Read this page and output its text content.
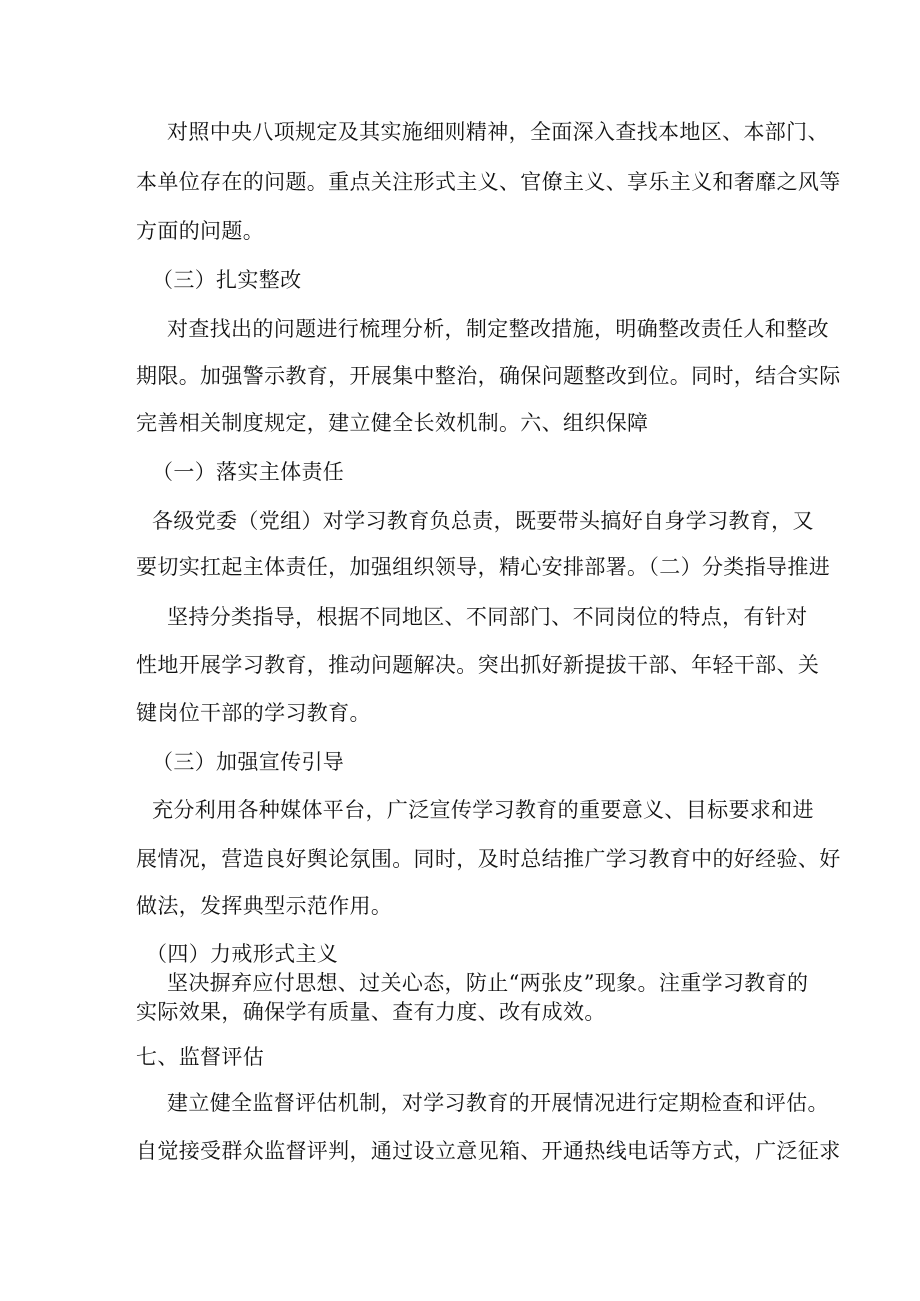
对照中央八项规定及其实施细则精神，全面深入查找本地区、本部门、
本单位存在的问题。重点关注形式主义、官僚主义、享乐主义和奢靡之风等
方面的问题。
（三）扎实整改
对查找出的问题进行梳理分析，制定整改措施，明确整改责任人和整改
期限。加强警示教育，开展集中整治，确保问题整改到位。同时，结合实际
完善相关制度规定，建立健全长效机制。六、组织保障
（一）落实主体责任
各级党委（党组）对学习教育负总责，既要带头搞好自身学习教育，又
要切实扛起主体责任，加强组织领导，精心安排部署。（二）分类指导推进
坚持分类指导，根据不同地区、不同部门、不同岗位的特点，有针对
性地开展学习教育，推动问题解决。突出抓好新提拔干部、年轻干部、关
键岗位干部的学习教育。
（三）加强宣传引导
充分利用各种媒体平台，广泛宣传学习教育的重要意义、目标要求和进
展情况，营造良好舆论氛围。同时，及时总结推广学习教育中的好经验、好
做法，发挥典型示范作用。
（四）力戒形式主义
坚决摒弃应付思想、过关心态，防止“两张皮”现象。注重学习教育的
实际效果，确保学有质量、查有力度、改有成效。
七、监督评估
建立健全监督评估机制，对学习教育的开展情况进行定期检查和评估。
自觉接受群众监督评判，通过设立意见箱、开通热线电话等方式，广泛征求
